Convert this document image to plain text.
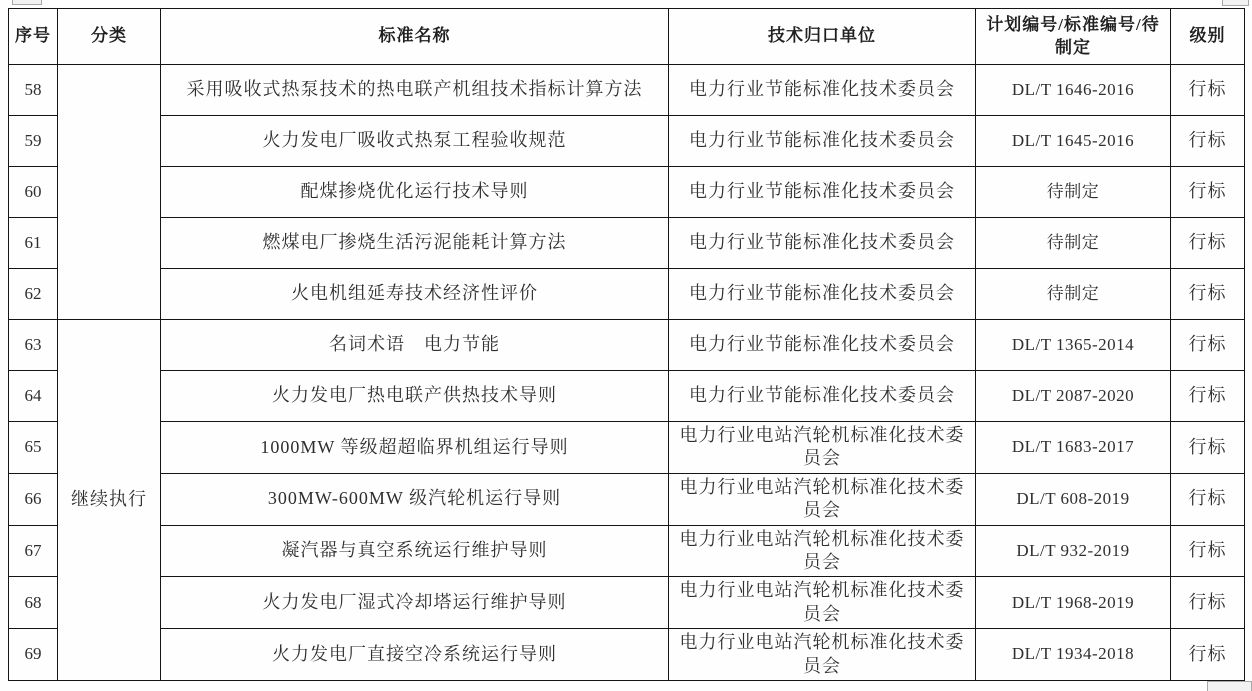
序号	分类	标准名称	技术归口单位	计划编号/标准编号/待制定	级别
58		采用吸收式热泵技术的热电联产机组技术指标计算方法	电力行业节能标准化技术委员会	DL/T 1646-2016	行标
59		火力发电厂吸收式热泵工程验收规范	电力行业节能标准化技术委员会	DL/T 1645-2016	行标
60		配煤掺烧优化运行技术导则	电力行业节能标准化技术委员会	待制定	行标
61		燃煤电厂掺烧生活污泥能耗计算方法	电力行业节能标准化技术委员会	待制定	行标
62		火电机组延寿技术经济性评价	电力行业节能标准化技术委员会	待制定	行标
63	继续执行	名词术语　电力节能	电力行业节能标准化技术委员会	DL/T 1365-2014	行标
64		火力发电厂热电联产供热技术导则	电力行业节能标准化技术委员会	DL/T 2087-2020	行标
65		1000MW 等级超超临界机组运行导则	电力行业电站汽轮机标准化技术委员会	DL/T 1683-2017	行标
66		300MW-600MW 级汽轮机运行导则	电力行业电站汽轮机标准化技术委员会	DL/T 608-2019	行标
67		凝汽器与真空系统运行维护导则	电力行业电站汽轮机标准化技术委员会	DL/T 932-2019	行标
68		火力发电厂湿式冷却塔运行维护导则	电力行业电站汽轮机标准化技术委员会	DL/T 1968-2019	行标
69		火力发电厂直接空冷系统运行导则	电力行业电站汽轮机标准化技术委员会	DL/T 1934-2018	行标
